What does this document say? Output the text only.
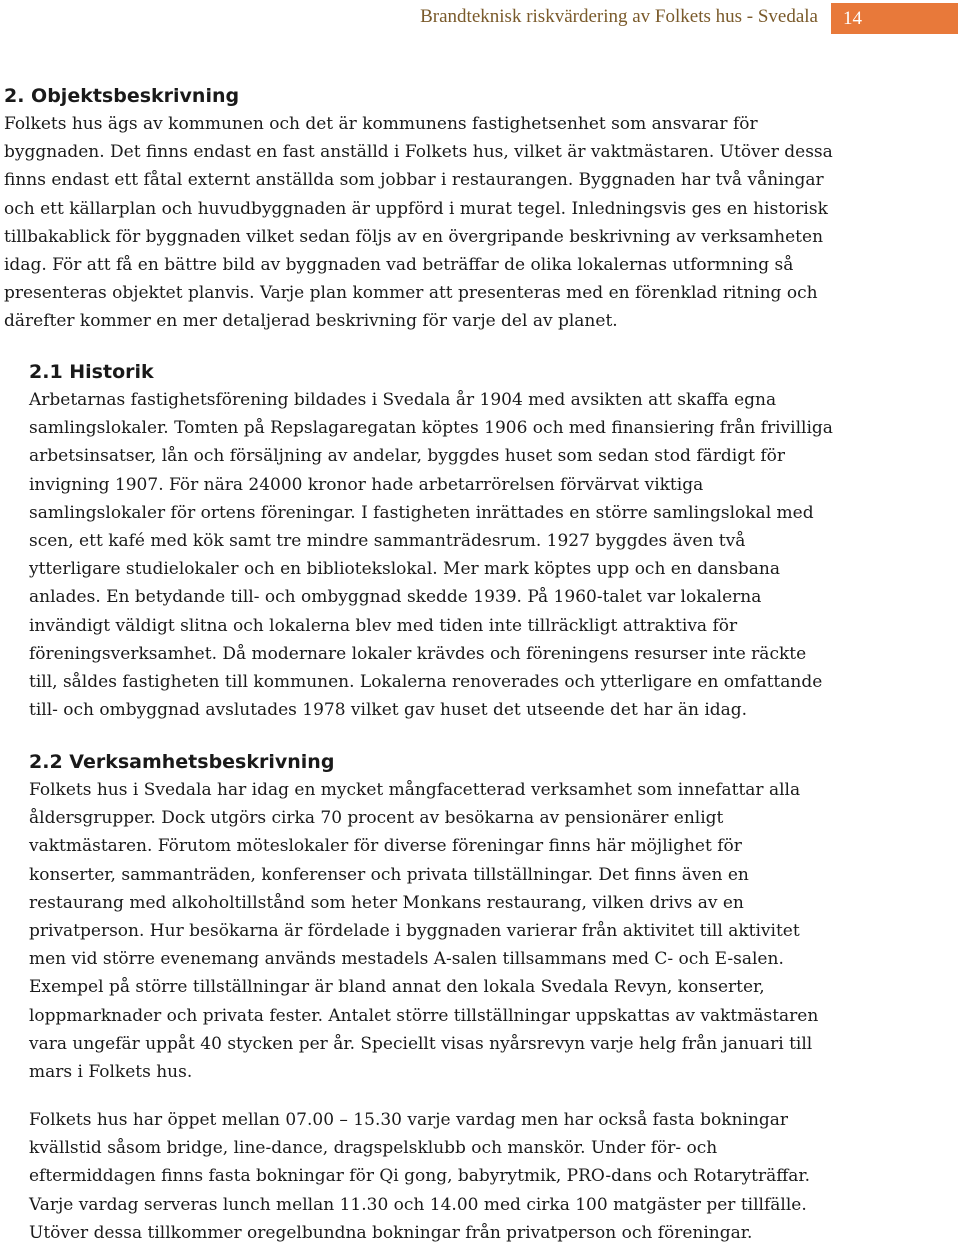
Brandteknisk riskvärdering av Folkets hus - Svedala	14
2. Objektsbeskrivning

Folkets hus ägs av kommunen och det är kommunens fastighetsenhet som ansvarar för
byggnaden. Det finns endast en fast anställd i Folkets hus, vilket är vaktmästaren. Utöver dessa
finns endast ett fåtal externt anställda som jobbar i restaurangen. Byggnaden har två våningar
och ett källarplan och huvudbyggnaden är uppförd i murat tegel. Inledningsvis ges en historisk
tillbakablick för byggnaden vilket sedan följs av en övergripande beskrivning av verksamheten
idag. För att få en bättre bild av byggnaden vad beträffar de olika lokalernas utformning så
presenteras objektet planvis. Varje plan kommer att presenteras med en förenklad ritning och
därefter kommer en mer detaljerad beskrivning för varje del av planet.

2.1 Historik

Arbetarnas fastighetsförening bildades i Svedala år 1904 med avsikten att skaffa egna
samlingslokaler. Tomten på Repslagaregatan köptes 1906 och med finansiering från frivilliga
arbetsinsatser, lån och försäljning av andelar, byggdes huset som sedan stod färdigt för
invigning 1907. För nära 24000 kronor hade arbetarrörelsen förvärvat viktiga
samlingslokaler för ortens föreningar. I fastigheten inrättades en större samlingslokal med
scen, ett kafé med kök samt tre mindre sammanträdesrum. 1927 byggdes även två
ytterligare studielokaler och en bibliotekslokal. Mer mark köptes upp och en dansbana
anlades. En betydande till- och ombyggnad skedde 1939. På 1960-talet var lokalerna
invändigt väldigt slitna och lokalerna blev med tiden inte tillräckligt attraktiva för
föreningsverksamhet. Då modernare lokaler krävdes och föreningens resurser inte räckte
till, såldes fastigheten till kommunen. Lokalerna renoverades och ytterligare en omfattande
till- och ombyggnad avslutades 1978 vilket gav huset det utseende det har än idag.

2.2 Verksamhetsbeskrivning

Folkets hus i Svedala har idag en mycket mångfacetterad verksamhet som innefattar alla
åldersgrupper. Dock utgörs cirka 70 procent av besökarna av pensionärer enligt
vaktmästaren. Förutom möteslokaler för diverse föreningar finns här möjlighet för
konserter, sammanträden, konferenser och privata tillställningar. Det finns även en
restaurang med alkoholtillstånd som heter Monkans restaurang, vilken drivs av en
privatperson. Hur besökarna är fördelade i byggnaden varierar från aktivitet till aktivitet
men vid större evenemang används mestadels A-salen tillsammans med C- och E-salen.
Exempel på större tillställningar är bland annat den lokala Svedala Revyn, konserter,
loppmarknader och privata fester. Antalet större tillställningar uppskattas av vaktmästaren
vara ungefär uppåt 40 stycken per år. Speciellt visas nyårsrevyn varje helg från januari till
mars i Folkets hus.

Folkets hus har öppet mellan 07.00 – 15.30 varje vardag men har också fasta bokningar
kvällstid såsom bridge, line-dance, dragspelsklubb och manskör. Under för- och
eftermiddagen finns fasta bokningar för Qi gong, babyrytmik, PRO-dans och Rotaryträffar.
Varje vardag serveras lunch mellan 11.30 och 14.00 med cirka 100 matgäster per tillfälle.
Utöver dessa tillkommer oregelbundna bokningar från privatperson och föreningar.
